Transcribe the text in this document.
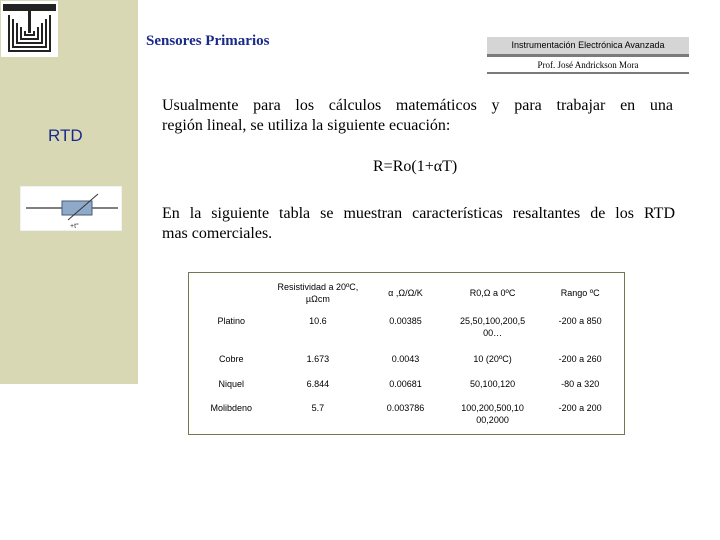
Sensores Primarios	Instrumentación Electrónica Avanzada
Prof. José Andrickson Mora
RTD
Usualmente para los cálculos matemáticos y para trabajar en una
región lineal, se utiliza la siguiente ecuación:
R=Ro(1+αT)
+t°
En la siguiente tabla se muestran características resaltantes de los RTD
mas comerciales.
	Resistividad a 20ºC, µΩcm	α ,Ω/Ω/K	R0,Ω a 0ºC	Rango ºC
Platino	10.6	0.00385	25,50,100,200,5 00…	-200 a 850
Cobre	1.673	0.0043	10 (20ºC)	-200 a 260
Niquel	6.844	0.00681	50,100,120	-80 a 320
Molibdeno	5.7	0.003786	100,200,500,10 00,2000	-200 a 200
